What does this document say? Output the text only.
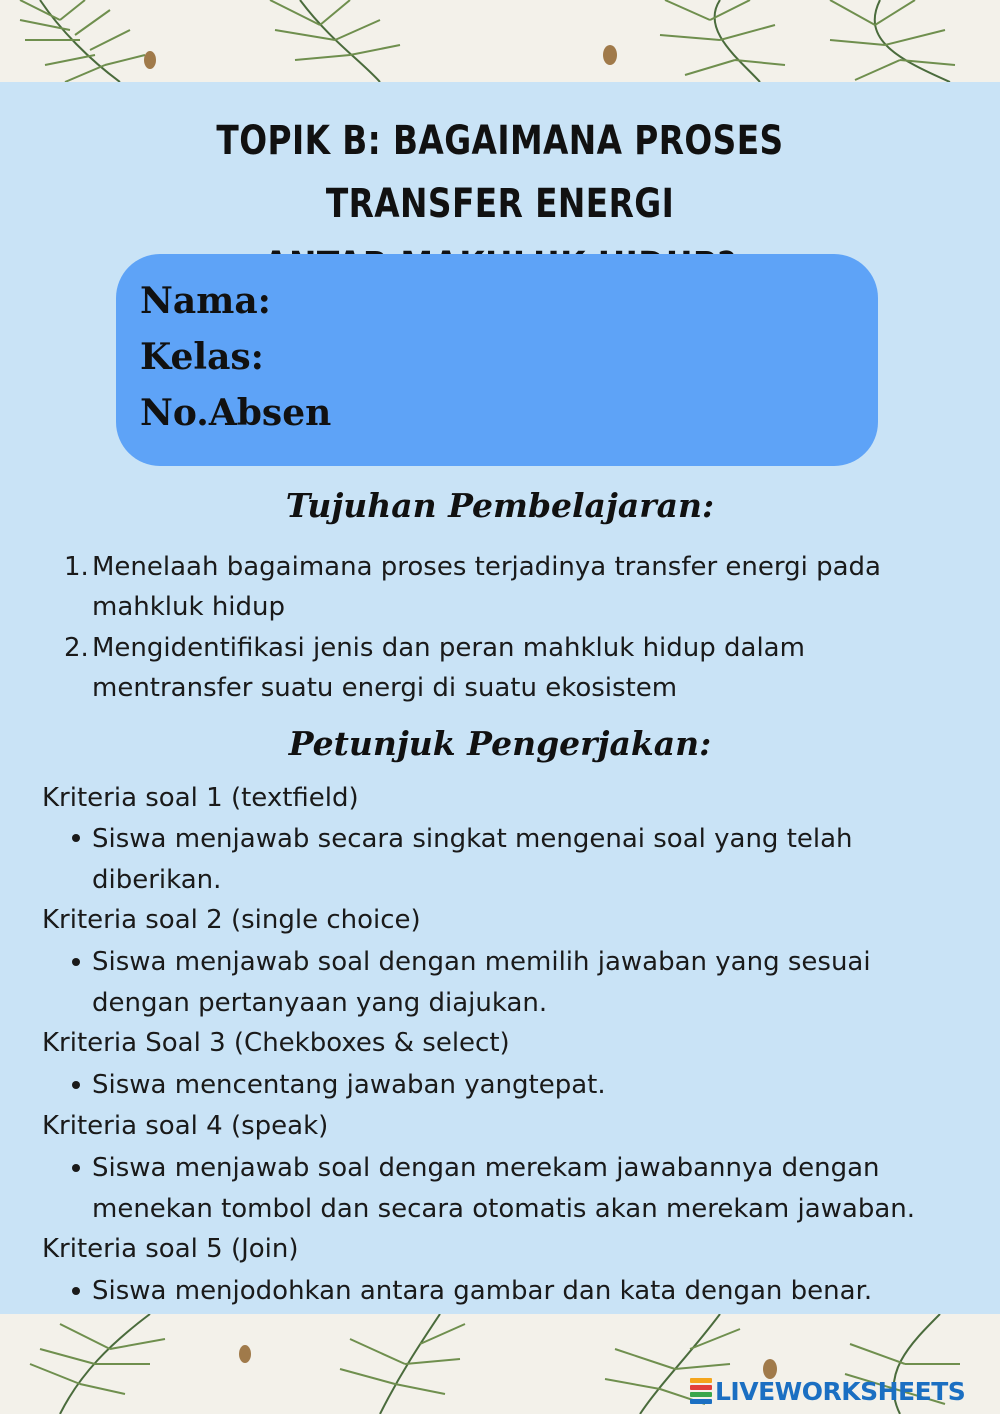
TOPIK B: BAGAIMANA PROSES TRANSFER ENERGI
Nama:
Kelas:
No.Absen
Tujuhan Pembelajaran:
1. Menelaah bagaimana proses terjadinya transfer energi pada
mahkluk hidup
2. Mengidentifikasi jenis dan peran mahkluk hidup dalam
mentransfer suatu energi di suatu ekosistem
Petunjuk Pengerjakan:
Kriteria soal 1 (textfield)
Siswa menjawab secara singkat mengenai soal yang telah
diberikan.
Kriteria soal 2 (single choice)
Siswa menjawab soal dengan memilih jawaban yang sesuai
dengan pertanyaan yang diajukan.
Kriteria Soal 3 (Chekboxes & select)
Siswa mencentang jawaban yangtepat.
Kriteria soal 4 (speak)
Siswa menjawab soal dengan merekam jawabannya dengan
menekan tombol dan secara otomatis akan merekam jawaban.
Kriteria soal 5 (Join)
Siswa menjodohkan antara gambar dan kata dengan benar.
LIVEWORKSHEETS
